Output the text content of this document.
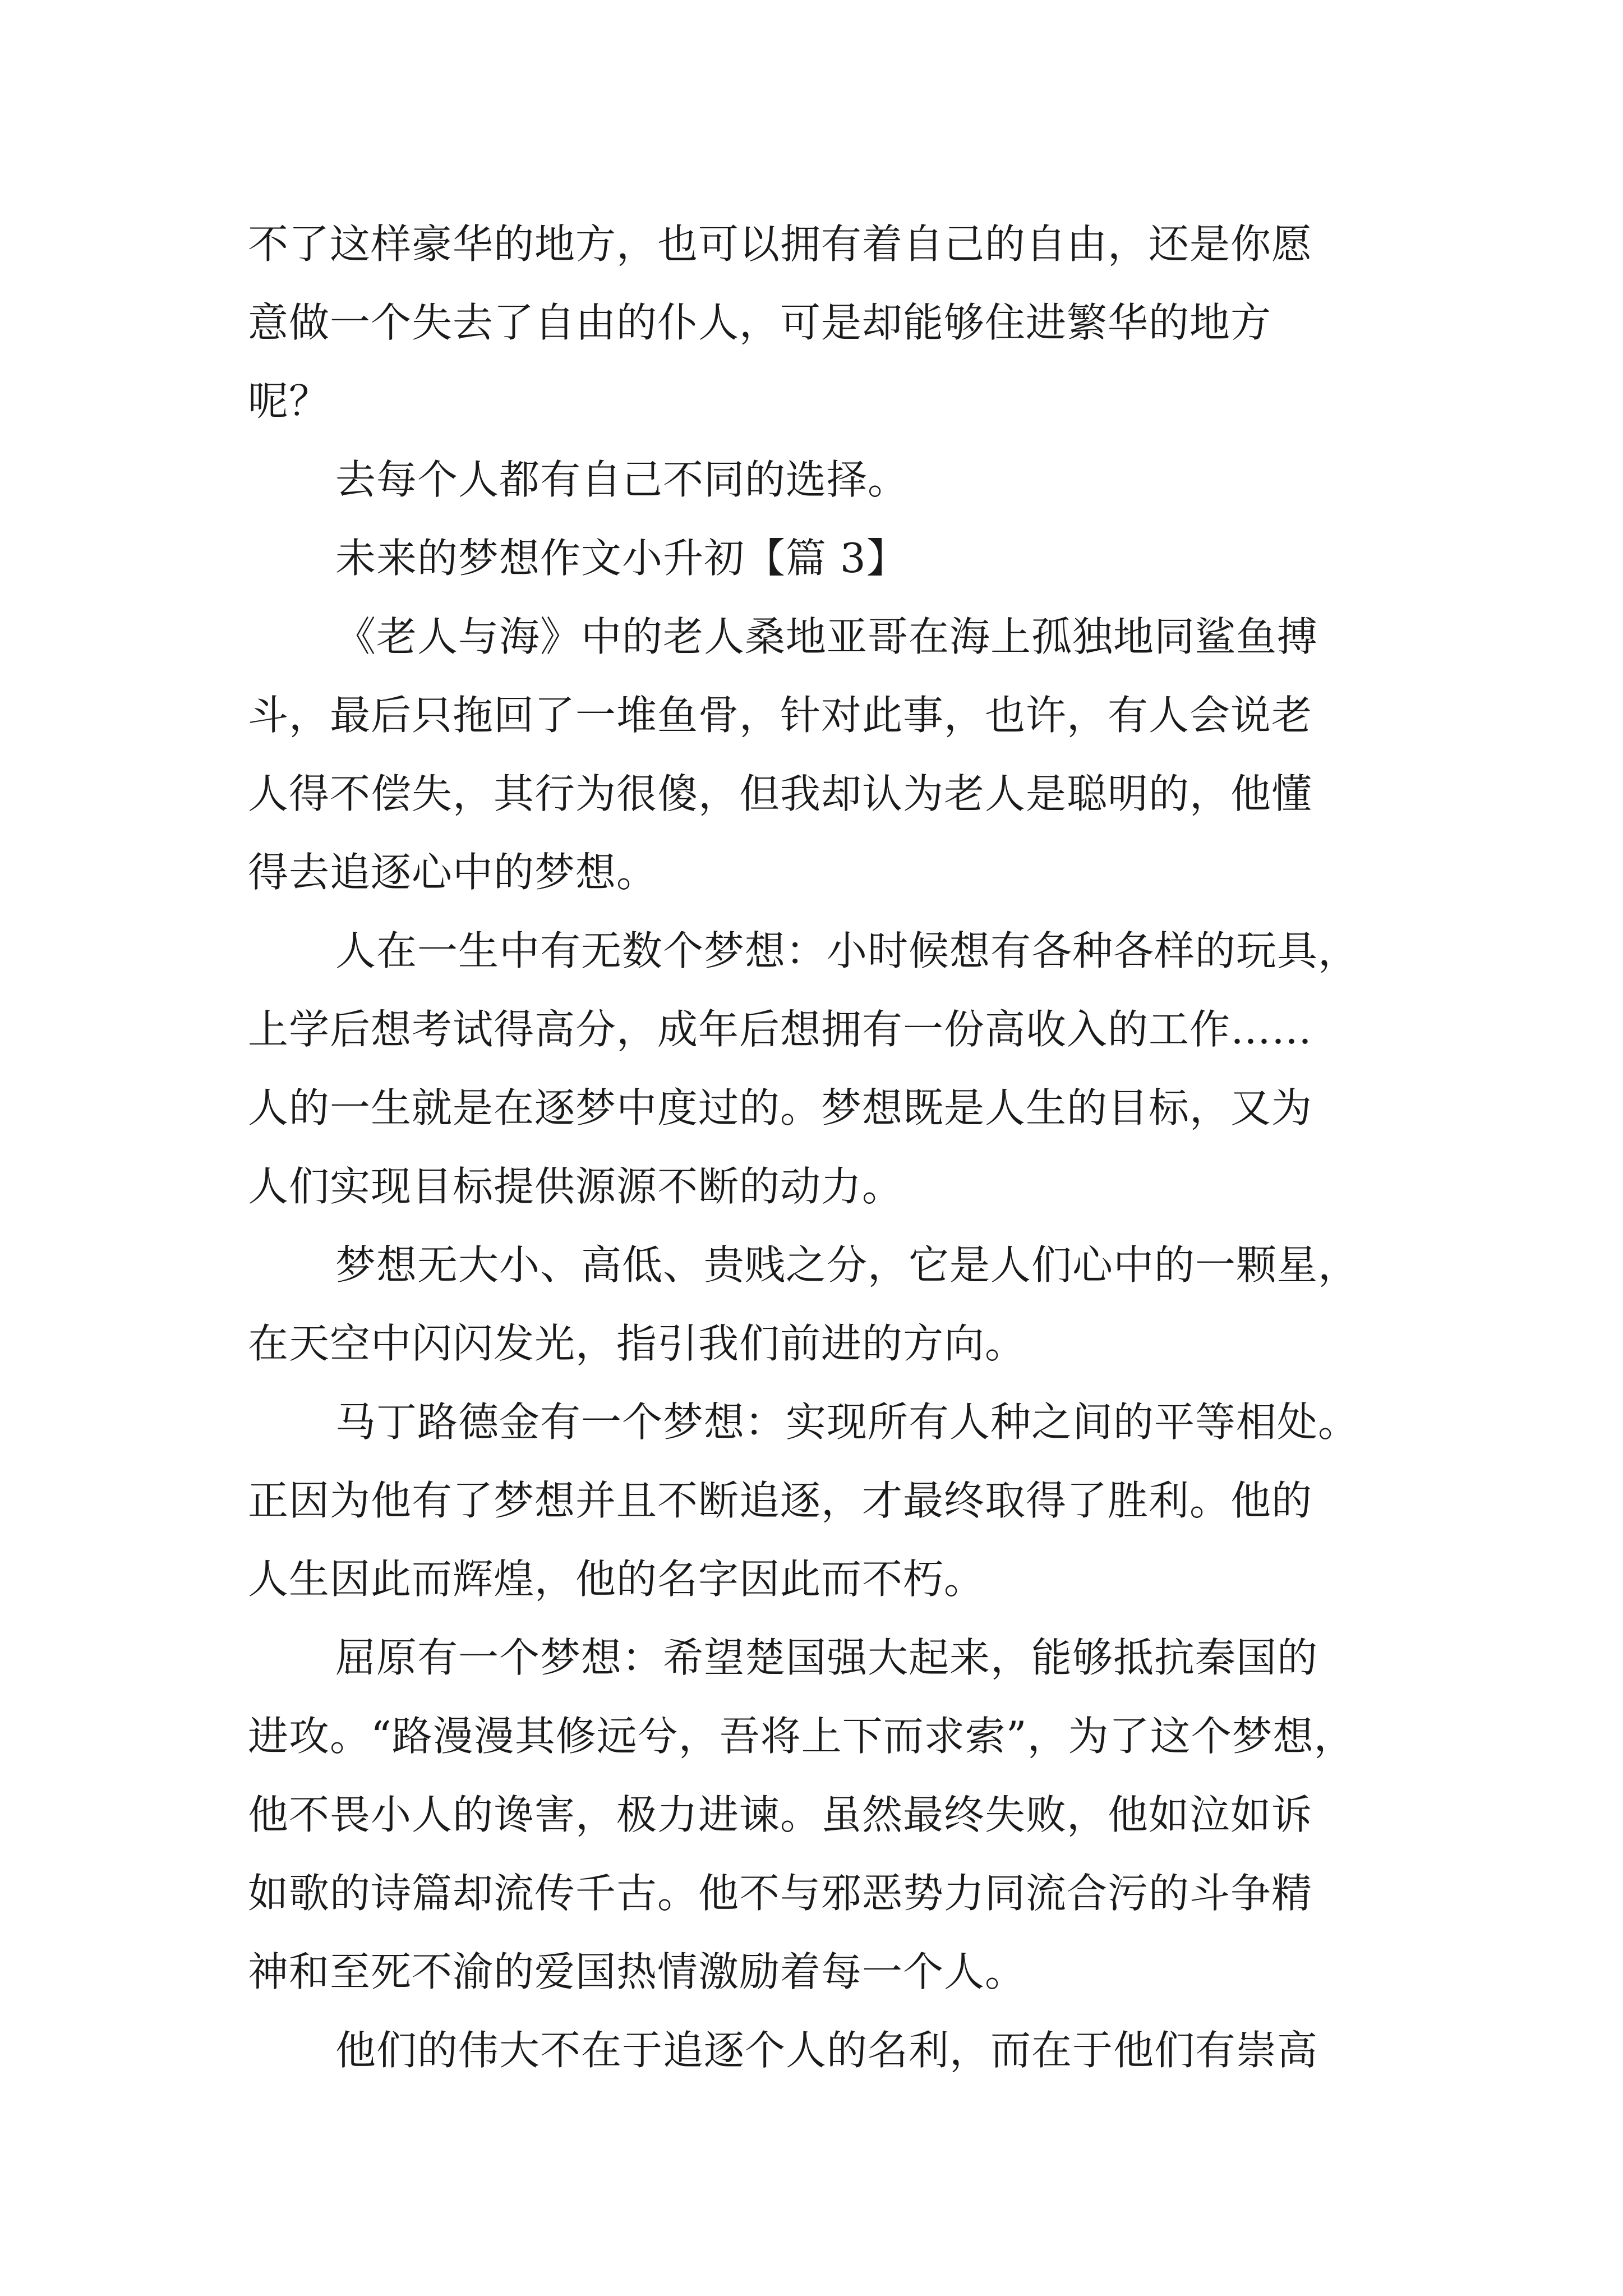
不了这样豪华的地方，也可以拥有着自己的自由，还是你愿
意做一个失去了自由的仆人，可是却能够住进繁华的地方
呢？
去每个人都有自己不同的选择。
未来的梦想作文小升初【篇 3】
《老人与海》中的老人桑地亚哥在海上孤独地同鲨鱼搏
斗，最后只拖回了一堆鱼骨，针对此事，也许，有人会说老
人得不偿失，其行为很傻，但我却认为老人是聪明的，他懂
得去追逐心中的梦想。
人在一生中有无数个梦想：小时候想有各种各样的玩具，
上学后想考试得高分，成年后想拥有一份高收入的工作……
人的一生就是在逐梦中度过的。梦想既是人生的目标，又为
人们实现目标提供源源不断的动力。
梦想无大小、高低、贵贱之分，它是人们心中的一颗星，
在天空中闪闪发光，指引我们前进的方向。
马丁路德金有一个梦想：实现所有人种之间的平等相处。
正因为他有了梦想并且不断追逐，才最终取得了胜利。他的
人生因此而辉煌，他的名字因此而不朽。
屈原有一个梦想：希望楚国强大起来，能够抵抗秦国的
进攻。“路漫漫其修远兮，吾将上下而求索”，为了这个梦想，
他不畏小人的谗害，极力进谏。虽然最终失败，他如泣如诉
如歌的诗篇却流传千古。他不与邪恶势力同流合污的斗争精
神和至死不渝的爱国热情激励着每一个人。
他们的伟大不在于追逐个人的名利，而在于他们有崇高
